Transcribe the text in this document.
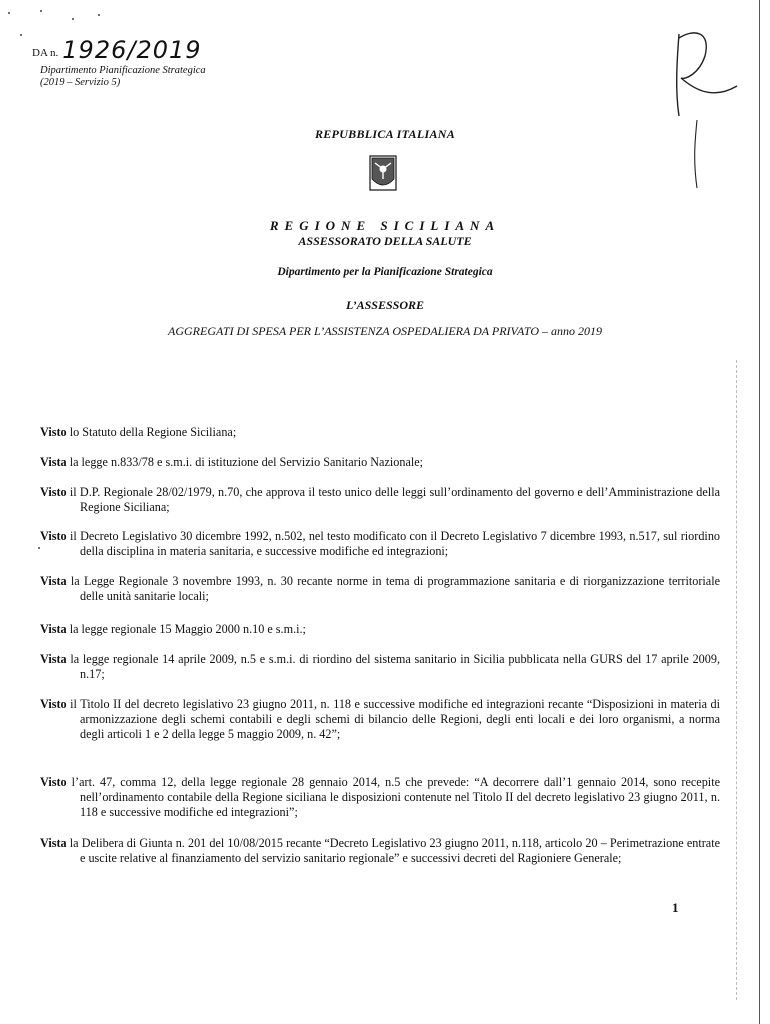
DA n. 1926/2019
Dipartimento Pianificazione Strategica
(2019 – Servizio 5)
REPUBBLICA ITALIANA
REGIONE SICILIANA
ASSESSORATO DELLA SALUTE
Dipartimento per la Pianificazione Strategica
L’ASSESSORE
AGGREGATI DI SPESA PER L’ASSISTENZA OSPEDALIERA DA PRIVATO – anno 2019
Visto lo Statuto della Regione Siciliana;
Vista la legge n.833/78 e s.m.i. di istituzione del Servizio Sanitario Nazionale;
Visto il D.P. Regionale 28/02/1979, n.70, che approva il testo unico delle leggi sull’ordinamento del governo e dell’Amministrazione della Regione Siciliana;
Visto il Decreto Legislativo 30 dicembre 1992, n.502, nel testo modificato con il Decreto Legislativo 7 dicembre 1993, n.517, sul riordino della disciplina in materia sanitaria, e successive modifiche ed integrazioni;
Vista la Legge Regionale 3 novembre 1993, n. 30 recante norme in tema di programmazione sanitaria e di riorganizzazione territoriale delle unità sanitarie locali;
Vista la legge regionale 15 Maggio 2000 n.10 e s.m.i.;
Vista la legge regionale 14 aprile 2009, n.5 e s.m.i. di riordino del sistema sanitario in Sicilia pubblicata nella GURS del 17 aprile 2009, n.17;
Visto il Titolo II del decreto legislativo 23 giugno 2011, n. 118 e successive modifiche ed integrazioni recante “Disposizioni in materia di armonizzazione degli schemi contabili e degli schemi di bilancio delle Regioni, degli enti locali e dei loro organismi, a norma degli articoli 1 e 2 della legge 5 maggio 2009, n. 42”;
Visto l’art. 47, comma 12, della legge regionale 28 gennaio 2014, n.5 che prevede: “A decorrere dall’1 gennaio 2014, sono recepite nell’ordinamento contabile della Regione siciliana le disposizioni contenute nel Titolo II del decreto legislativo 23 giugno 2011, n. 118 e successive modifiche ed integrazioni”;
Vista la Delibera di Giunta n. 201 del 10/08/2015 recante “Decreto Legislativo 23 giugno 2011, n.118, articolo 20 – Perimetrazione entrate e uscite relative al finanziamento del servizio sanitario regionale” e successivi decreti del Ragioniere Generale;
1
